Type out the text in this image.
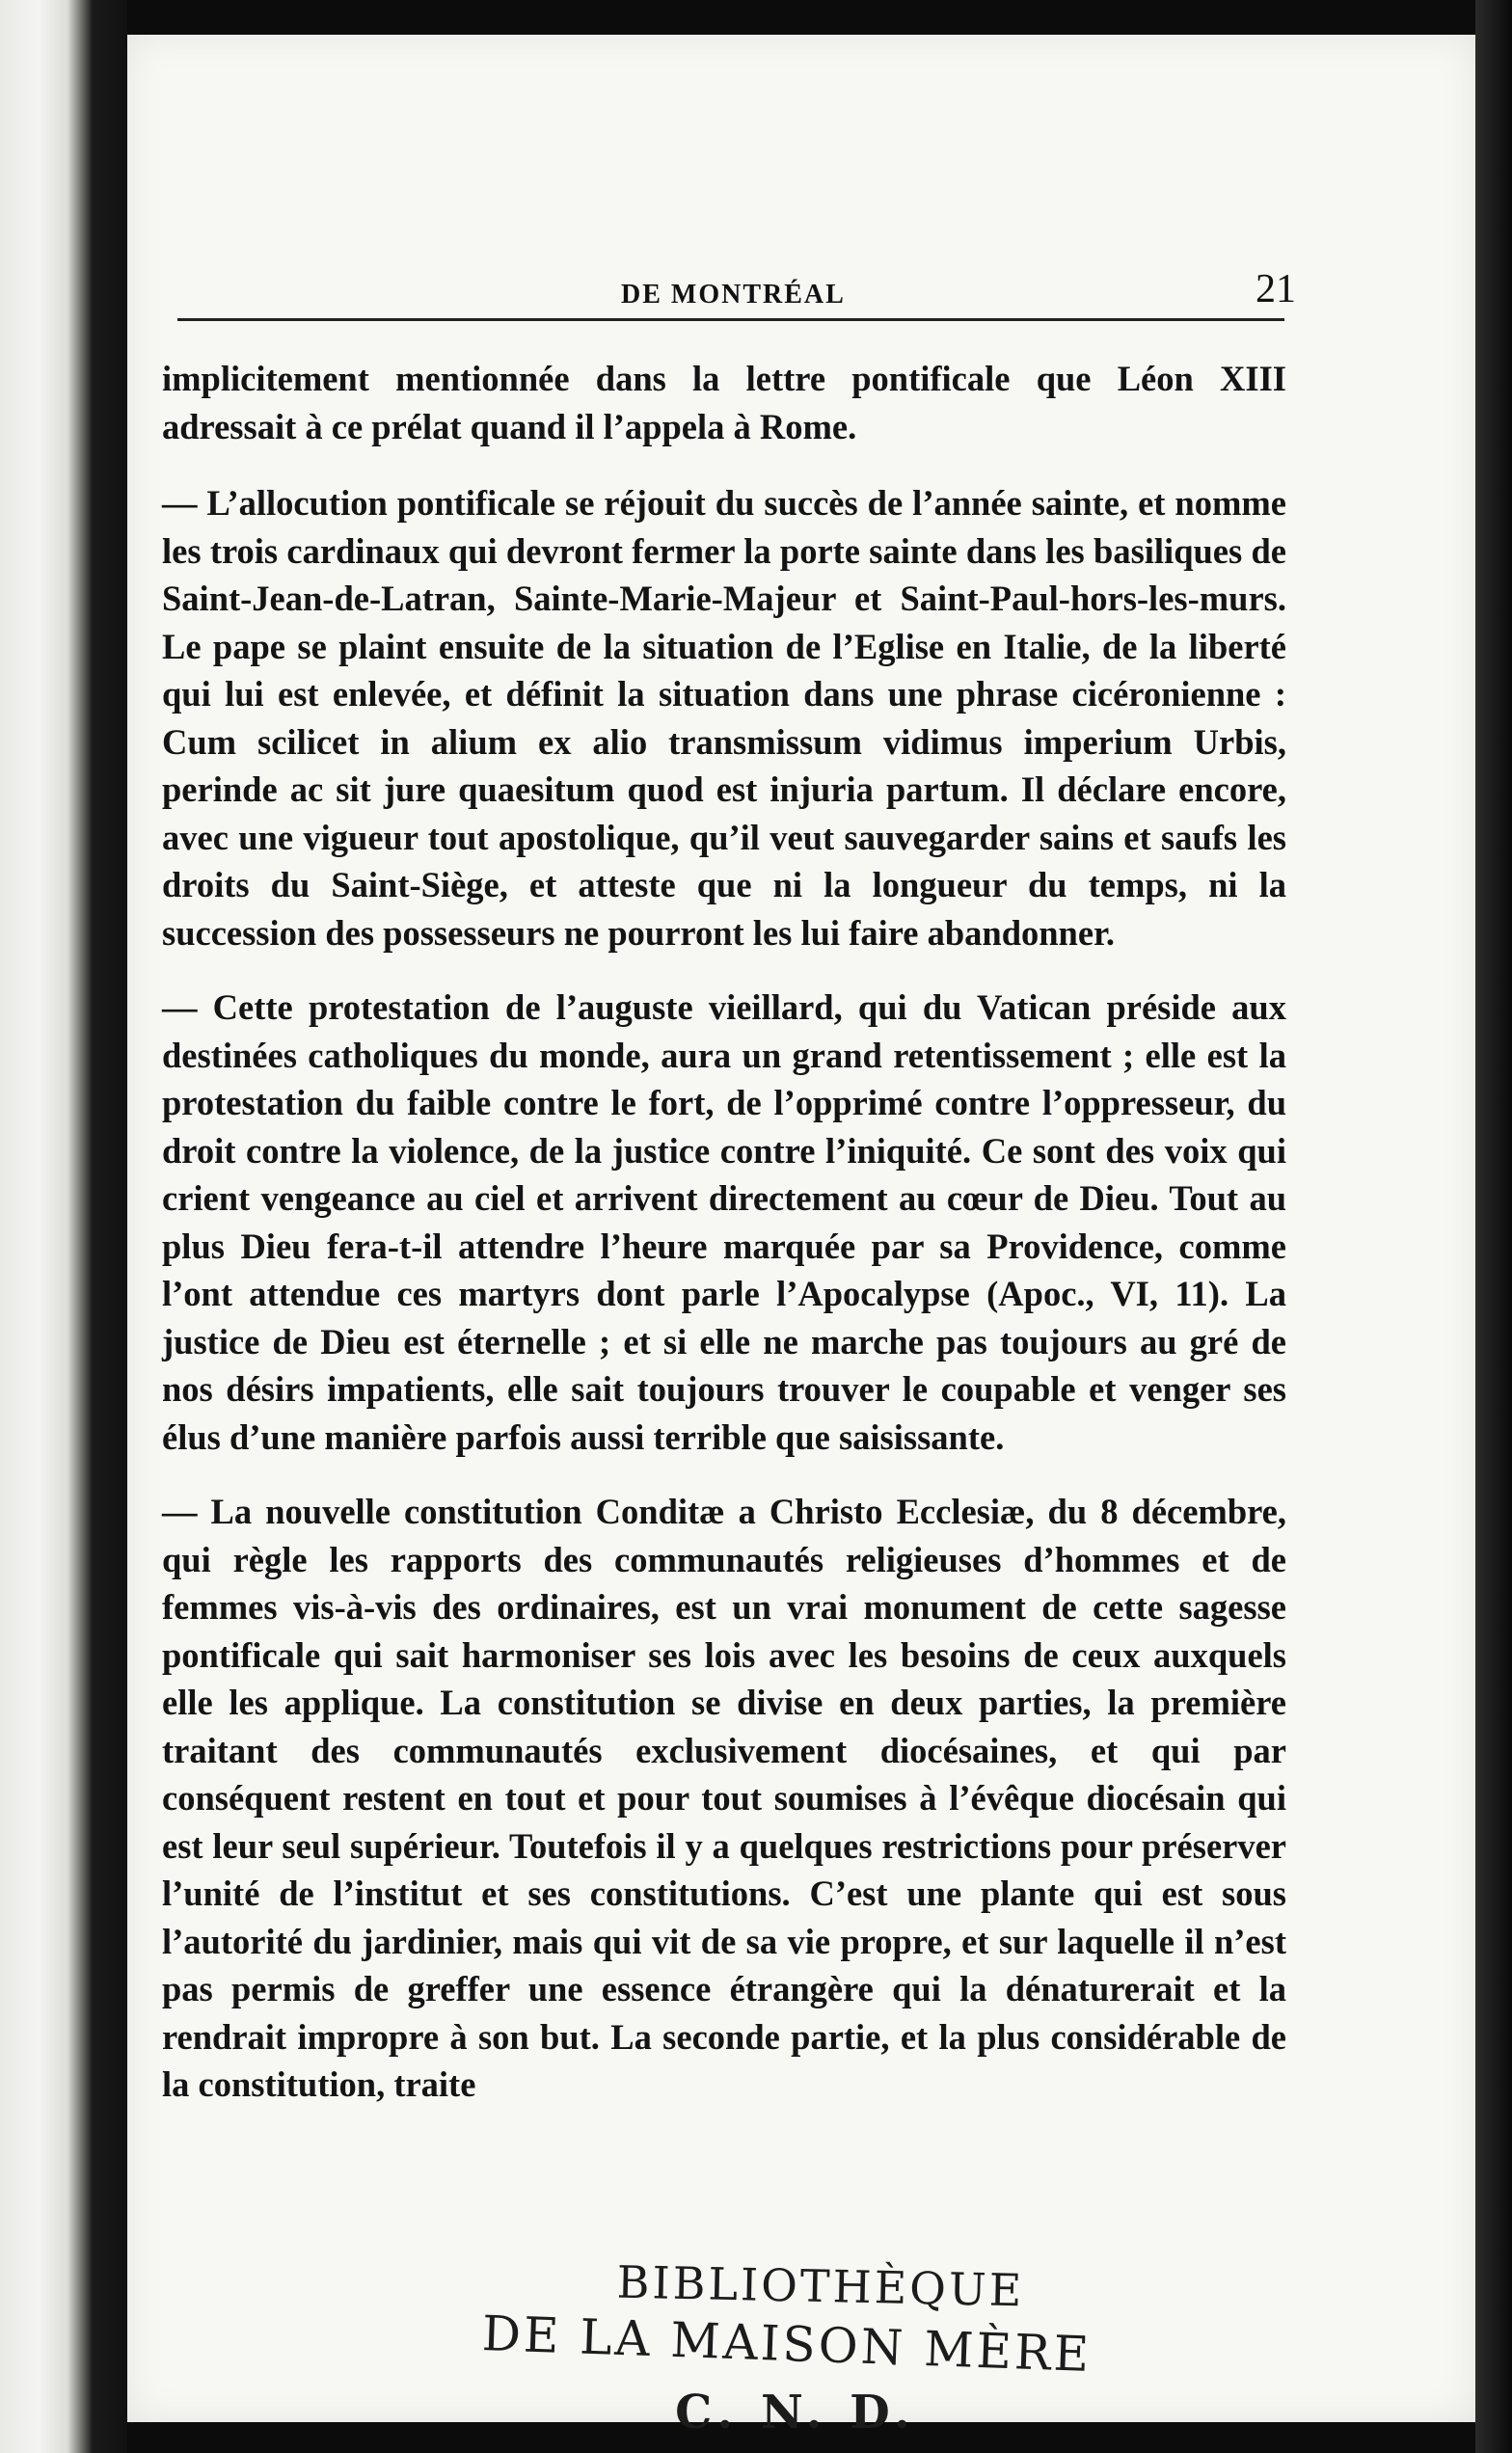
DE MONTRÉAL	21

implicitement mentionnée dans la lettre pontificale que Léon XIII adressait à ce prélat quand il l’appela à Rome.

— L’allocution pontificale se réjouit du succès de l’année sainte, et nomme les trois cardinaux qui devront fermer la porte sainte dans les basiliques de Saint-Jean-de-Latran, Sainte-Marie-Majeur et Saint-Paul-hors-les-murs. Le pape se plaint ensuite de la situation de l’Eglise en Italie, de la liberté qui lui est enlevée, et définit la situation dans une phrase cicéronienne : Cum scilicet in alium ex alio transmissum vidimus imperium Urbis, perinde ac sit jure quaesitum quod est injuria partum. Il déclare encore, avec une vigueur tout apostolique, qu’il veut sauvegarder sains et saufs les droits du Saint-Siège, et atteste que ni la longueur du temps, ni la succession des possesseurs ne pourront les lui faire abandonner.

— Cette protestation de l’auguste vieillard, qui du Vatican préside aux destinées catholiques du monde, aura un grand retentissement ; elle est la protestation du faible contre le fort, de l’opprimé contre l’oppresseur, du droit contre la violence, de la justice contre l’iniquité. Ce sont des voix qui crient vengeance au ciel et arrivent directement au cœur de Dieu. Tout au plus Dieu fera-t-il attendre l’heure marquée par sa Providence, comme l’ont attendue ces martyrs dont parle l’Apocalypse (Apoc., VI, 11). La justice de Dieu est éternelle ; et si elle ne marche pas toujours au gré de nos désirs impatients, elle sait toujours trouver le coupable et venger ses élus d’une manière parfois aussi terrible que saisissante.

— La nouvelle constitution Conditæ a Christo Ecclesiæ, du 8 décembre, qui règle les rapports des communautés religieuses d’hommes et de femmes vis-à-vis des ordinaires, est un vrai monument de cette sagesse pontificale qui sait harmoniser ses lois avec les besoins de ceux auxquels elle les applique. La constitution se divise en deux parties, la première traitant des communautés exclusivement diocésaines, et qui par conséquent restent en tout et pour tout soumises à l’évêque diocésain qui est leur seul supérieur. Toutefois il y a quelques restrictions pour préserver l’unité de l’institut et ses constitutions. C’est une plante qui est sous l’autorité du jardinier, mais qui vit de sa vie propre, et sur laquelle il n’est pas permis de greffer une essence étrangère qui la dénaturerait et la rendrait impropre à son but. La seconde partie, et la plus considérable de la constitution, traite

BIBLIOTHÈQUE
DE LA MAISON MÈRE
C. N. D.
